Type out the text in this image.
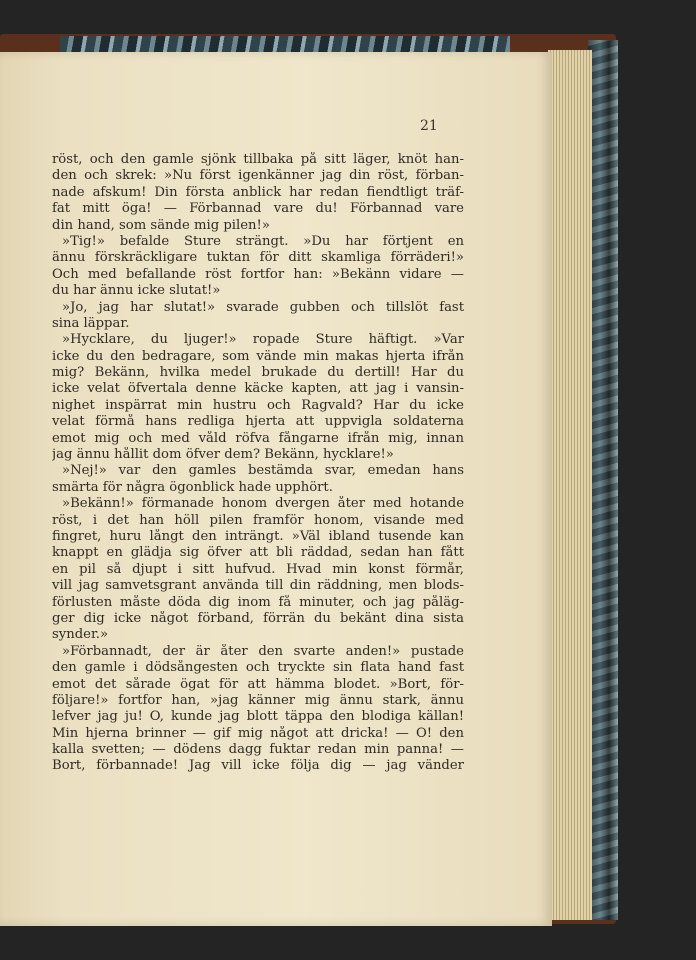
21
röst, och den gamle sjönk tillbaka på sitt läger, knöt han-
den och skrek: »Nu först igenkänner jag din röst, förban-
nade afskum! Din första anblick har redan fiendtligt träf-
fat mitt öga! — Förbannad vare du! Förbannad vare
din hand, som sände mig pilen!»
»Tig!» befalde Sture strängt. »Du har förtjent en
ännu förskräckligare tuktan för ditt skamliga förräderi!»
Och med befallande röst fortfor han: »Bekänn vidare —
du har ännu icke slutat!»
»Jo, jag har slutat!» svarade gubben och tillslöt fast
sina läppar.
»Hycklare, du ljuger!» ropade Sture häftigt. »Var
icke du den bedragare, som vände min makas hjerta ifrån
mig? Bekänn, hvilka medel brukade du dertill! Har du
icke velat öfvertala denne käcke kapten, att jag i vansin-
nighet inspärrat min hustru och Ragvald? Har du icke
velat förmå hans redliga hjerta att uppvigla soldaterna
emot mig och med våld röfva fångarne ifrån mig, innan
jag ännu hållit dom öfver dem? Bekänn, hycklare!»
»Nej!» var den gamles bestämda svar, emedan hans
smärta för några ögonblick hade upphört.
»Bekänn!» förmanade honom dvergen åter med hotande
röst, i det han höll pilen framför honom, visande med
fingret, huru långt den inträngt. »Väl ibland tusende kan
knappt en glädja sig öfver att bli räddad, sedan han fått
en pil så djupt i sitt hufvud. Hvad min konst förmår,
vill jag samvetsgrant använda till din räddning, men blods-
förlusten måste döda dig inom få minuter, och jag påläg-
ger dig icke något förband, förrän du bekänt dina sista
synder.»
»Förbannadt, der är åter den svarte anden!» pustade
den gamle i dödsångesten och tryckte sin flata hand fast
emot det sårade ögat för att hämma blodet. »Bort, för-
följare!» fortfor han, »jag känner mig ännu stark, ännu
lefver jag ju! O, kunde jag blott täppa den blodiga källan!
Min hjerna brinner — gif mig något att dricka! — O! den
kalla svetten; — dödens dagg fuktar redan min panna! —
Bort, förbannade! Jag vill icke följa dig — jag vänder
